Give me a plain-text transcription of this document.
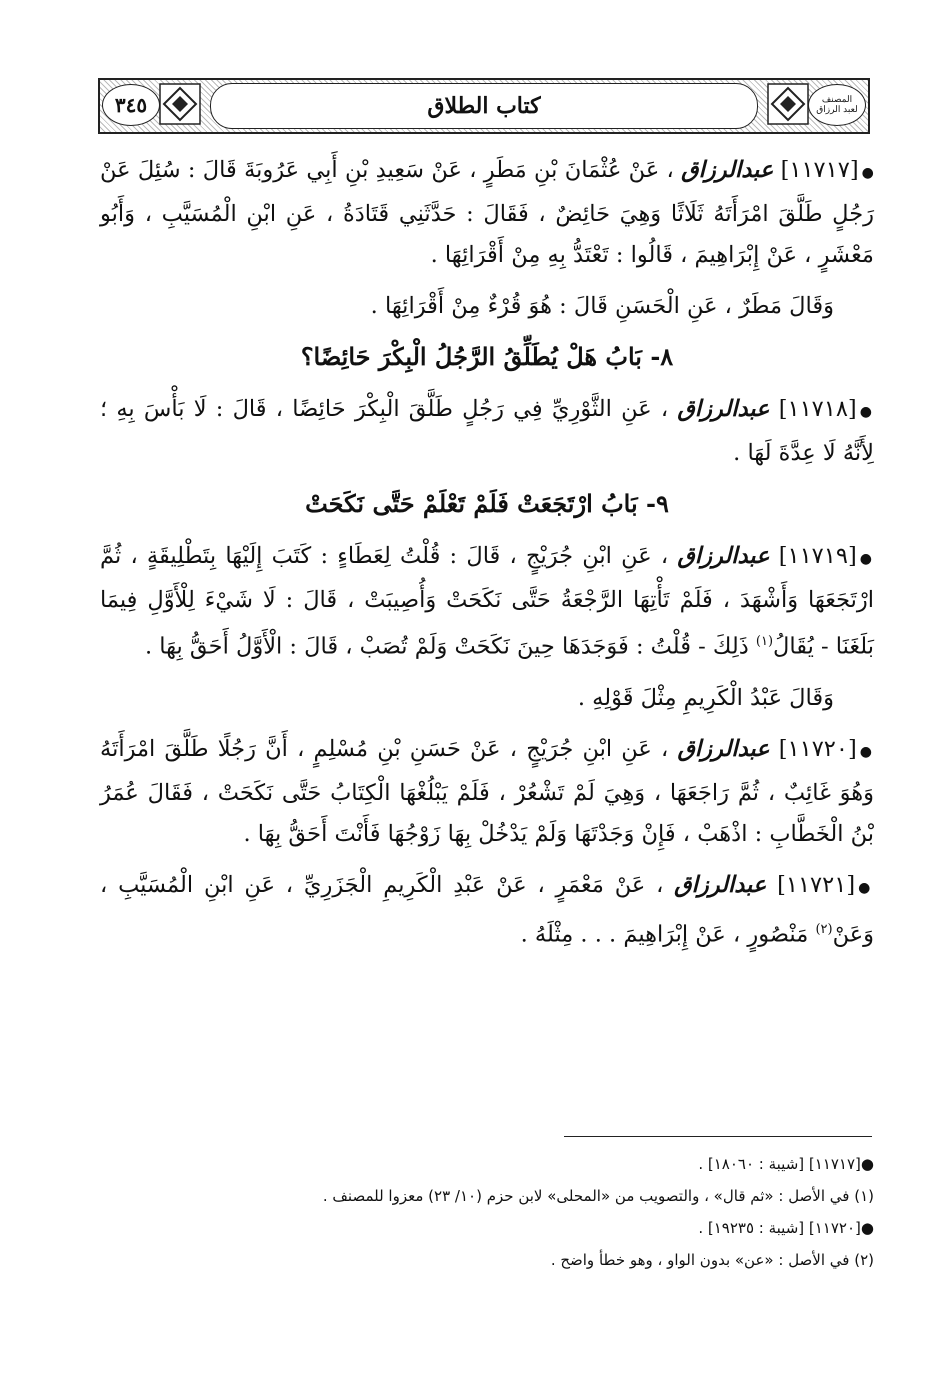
٣٤٥	كتاب الطلاق	المصنف
لعبد الرزاق

●[١١٧١٧] عبدالرزاق ، عَنْ عُثْمَانَ بْنِ مَطَرٍ ، عَنْ سَعِيدِ بْنِ أَبِي عَرُوبَةَ قَالَ : سُئِلَ عَنْ رَجُلٍ طَلَّقَ امْرَأَتَهُ ثَلَاثًا وَهِيَ حَائِضٌ ، فَقَالَ : حَدَّثَنِي قَتَادَةُ ، عَنِ ابْنِ الْمُسَيَّبِ ، وَأَبُو مَعْشَرٍ ، عَنْ إِبْرَاهِيمَ ، قَالُوا : تَعْتَدُّ بِهِ مِنْ أَقْرَائِهَا .

وَقَالَ مَطَرٌ ، عَنِ الْحَسَنِ قَالَ : هُوَ قُرْءٌ مِنْ أَقْرَائِهَا .

٨- بَابُ هَلْ يُطَلِّقُ الرَّجُلُ الْبِكْرَ حَائِضًا؟

●[١١٧١٨] عبدالرزاق ، عَنِ الثَّوْرِيِّ فِي رَجُلٍ طَلَّقَ الْبِكْرَ حَائِضًا ، قَالَ : لَا بَأْسَ بِهِ ؛ لِأَنَّهُ لَا عِدَّةَ لَهَا .

٩- بَابُ ارْتَجَعَتْ فَلَمْ تَعْلَمْ حَتَّى نَكَحَتْ

●[١١٧١٩] عبدالرزاق ، عَنِ ابْنِ جُرَيْجٍ ، قَالَ : قُلْتُ لِعَطَاءٍ : كَتَبَ إِلَيْهَا بِتَطْلِيقَةٍ ، ثُمَّ ارْتَجَعَهَا وَأَشْهَدَ ، فَلَمْ تَأْتِهَا الرَّجْعَةُ حَتَّى نَكَحَتْ وَأُصِيبَتْ ، قَالَ : لَا شَيْءَ لِلْأَوَّلِ فِيمَا بَلَغَنَا - يُقَالُ$^{(١)}$ ذَلِكَ - قُلْتُ : فَوَجَدَهَا حِينَ نَكَحَتْ وَلَمْ تُصَبْ ، قَالَ : الْأَوَّلُ أَحَقُّ بِهَا .

وَقَالَ عَبْدُ الْكَرِيمِ مِثْلَ قَوْلِهِ .

●[١١٧٢٠] عبدالرزاق ، عَنِ ابْنِ جُرَيْجٍ ، عَنْ حَسَنِ بْنِ مُسْلِمٍ ، أَنَّ رَجُلًا طَلَّقَ امْرَأَتَهُ وَهُوَ غَائِبٌ ، ثُمَّ رَاجَعَهَا ، وَهِيَ لَمْ تَشْعُرْ ، فَلَمْ يَبْلُغْهَا الْكِتَابُ حَتَّى نَكَحَتْ ، فَقَالَ عُمَرُ بْنُ الْخَطَّابِ : اذْهَبْ ، فَإِنْ وَجَدْتَهَا وَلَمْ يَدْخُلْ بِهَا زَوْجُهَا فَأَنْتَ أَحَقُّ بِهَا .

●[١١٧٢١] عبدالرزاق ، عَنْ مَعْمَرٍ ، عَنْ عَبْدِ الْكَرِيمِ الْجَزَرِيِّ ، عَنِ ابْنِ الْمُسَيَّبِ ، وَعَنْ$^{(٢)}$ مَنْصُورٍ ، عَنْ إِبْرَاهِيمَ . . . مِثْلَهُ .

●[١١٧١٧] [شيبة : ١٨٠٦٠] .
(١) في الأصل : «ثم قال» ، والتصويب من «المحلى» لابن حزم (١٠/ ٢٣) معزوا للمصنف .
●[١١٧٢٠] [شيبة : ١٩٢٣٥] .
(٢) في الأصل : «عن» بدون الواو ، وهو خطأ واضح .
